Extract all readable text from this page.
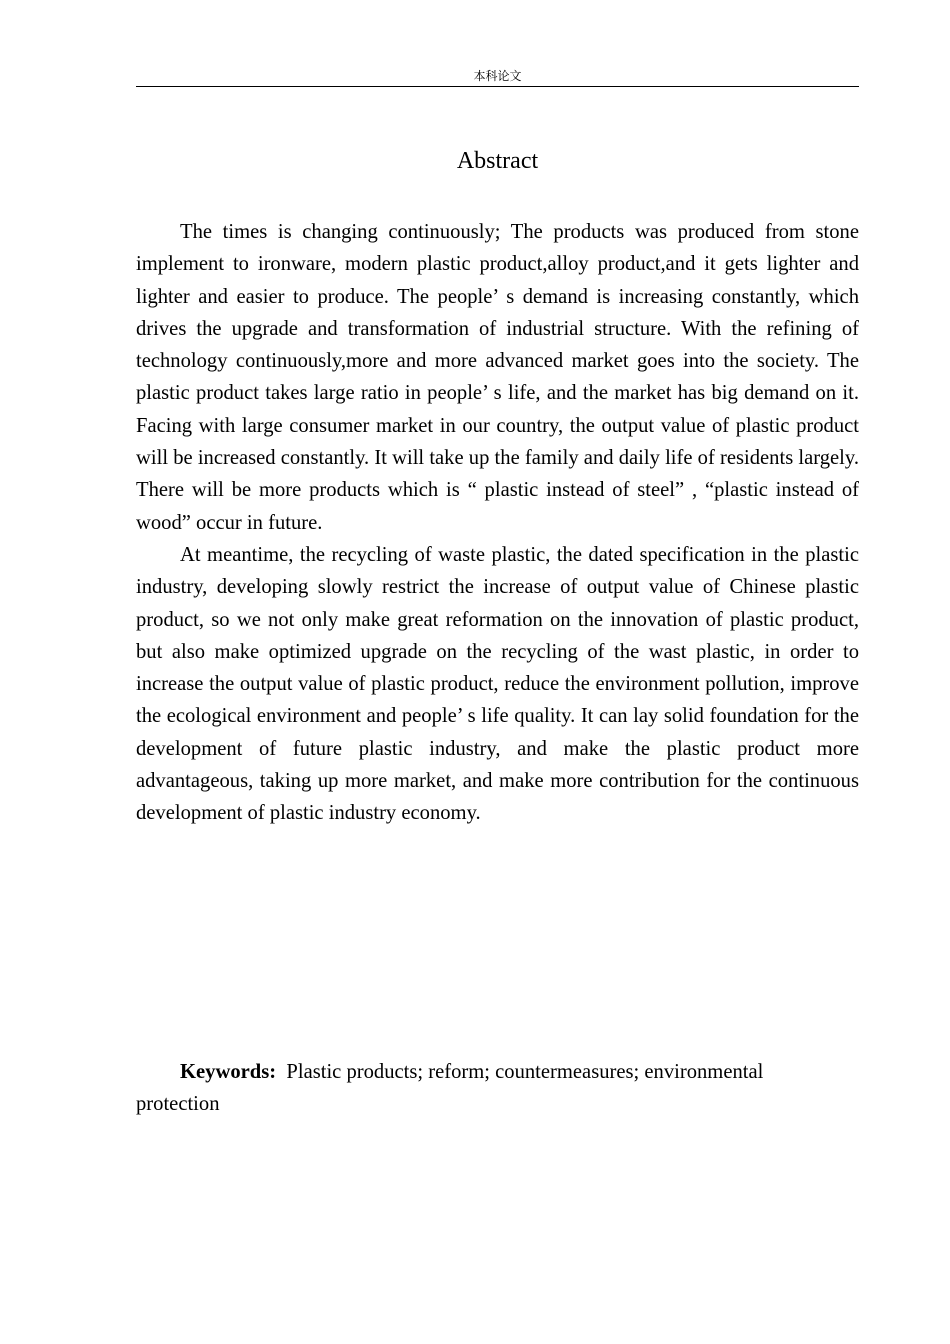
本科论文
Abstract

The times is changing continuously; The products was produced from stone implement to ironware, modern plastic product,alloy product,and it gets lighter and lighter and easier to produce. The people’ s demand is increasing constantly, which drives the upgrade and transformation of industrial structure. With the refining of technology continuously,more and more advanced market goes into the society. The plastic product takes large ratio in people’ s life, and the market has big demand on it. Facing with large consumer market in our country, the output value of plastic product will be increased constantly. It will take up the family and daily life of residents largely. There will be more products which is “ plastic instead of steel” , “plastic instead of wood” occur in future.

At meantime, the recycling of waste plastic, the dated specification in the plastic industry, developing slowly restrict the increase of output value of Chinese plastic product, so we not only make great reformation on the innovation of plastic product, but also make optimized upgrade on the recycling of the wast plastic, in order to increase the output value of plastic product, reduce the environment pollution, improve the ecological environment and people’ s life quality. It can lay solid foundation for the development of future plastic industry, and make the plastic product more advantageous, taking up more market, and make more contribution for the continuous development of plastic industry economy.

Keywords: Plastic products; reform; countermeasures; environmental protection
